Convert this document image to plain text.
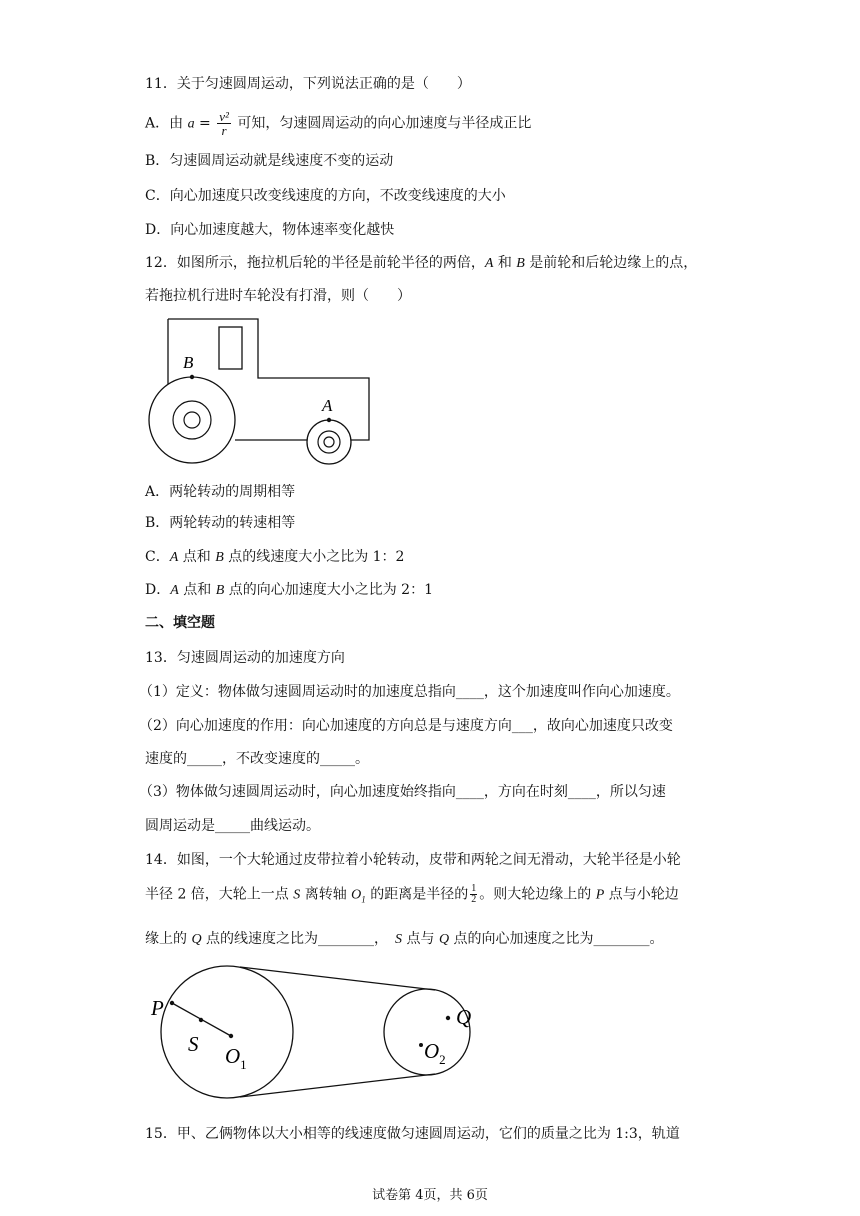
11．关于匀速圆周运动，下列说法正确的是（　　）
A．由 $a = \frac{\text{v²}}{r}$ 可知，匀速圆周运动的向心加速度与半径成正比
B．匀速圆周运动就是线速度不变的运动
C．向心加速度只改变线速度的方向，不改变线速度的大小
D．向心加速度越大，物体速率变化越快
12．如图所示，拖拉机后轮的半径是前轮半径的两倍，A 和 B 是前轮和后轮边缘上的点，
若拖拉机行进时车轮没有打滑，则（　　）
B
A
A．两轮转动的周期相等
B．两轮转动的转速相等
C．A 点和 B 点的线速度大小之比为 1：2
D．A 点和 B 点的向心加速度大小之比为 2：1
二、填空题
13．匀速圆周运动的加速度方向
（1）定义：物体做匀速圆周运动时的加速度总指向____，这个加速度叫作向心加速度。
（2）向心加速度的作用：向心加速度的方向总是与速度方向___，故向心加速度只改变
速度的_____，不改变速度的_____。
（3）物体做匀速圆周运动时，向心加速度始终指向____，方向在时刻____，所以匀速
圆周运动是_____曲线运动。
14．如图，一个大轮通过皮带拉着小轮转动，皮带和两轮之间无滑动，大轮半径是小轮
半径 2 倍，大轮上一点 S 离转轴 $O_1$ 的距离是半径的 $\frac{1}{2}$ 。则大轮边缘上的 P 点与小轮边
缘上的 Q 点的线速度之比为________，　S 点与 Q 点的向心加速度之比为________。
P
S $O_1$
Q
$O_2$
15．甲、乙俩物体以大小相等的线速度做匀速圆周运动，它们的质量之比为 1:3，轨道
试卷第 4页，共 6页
